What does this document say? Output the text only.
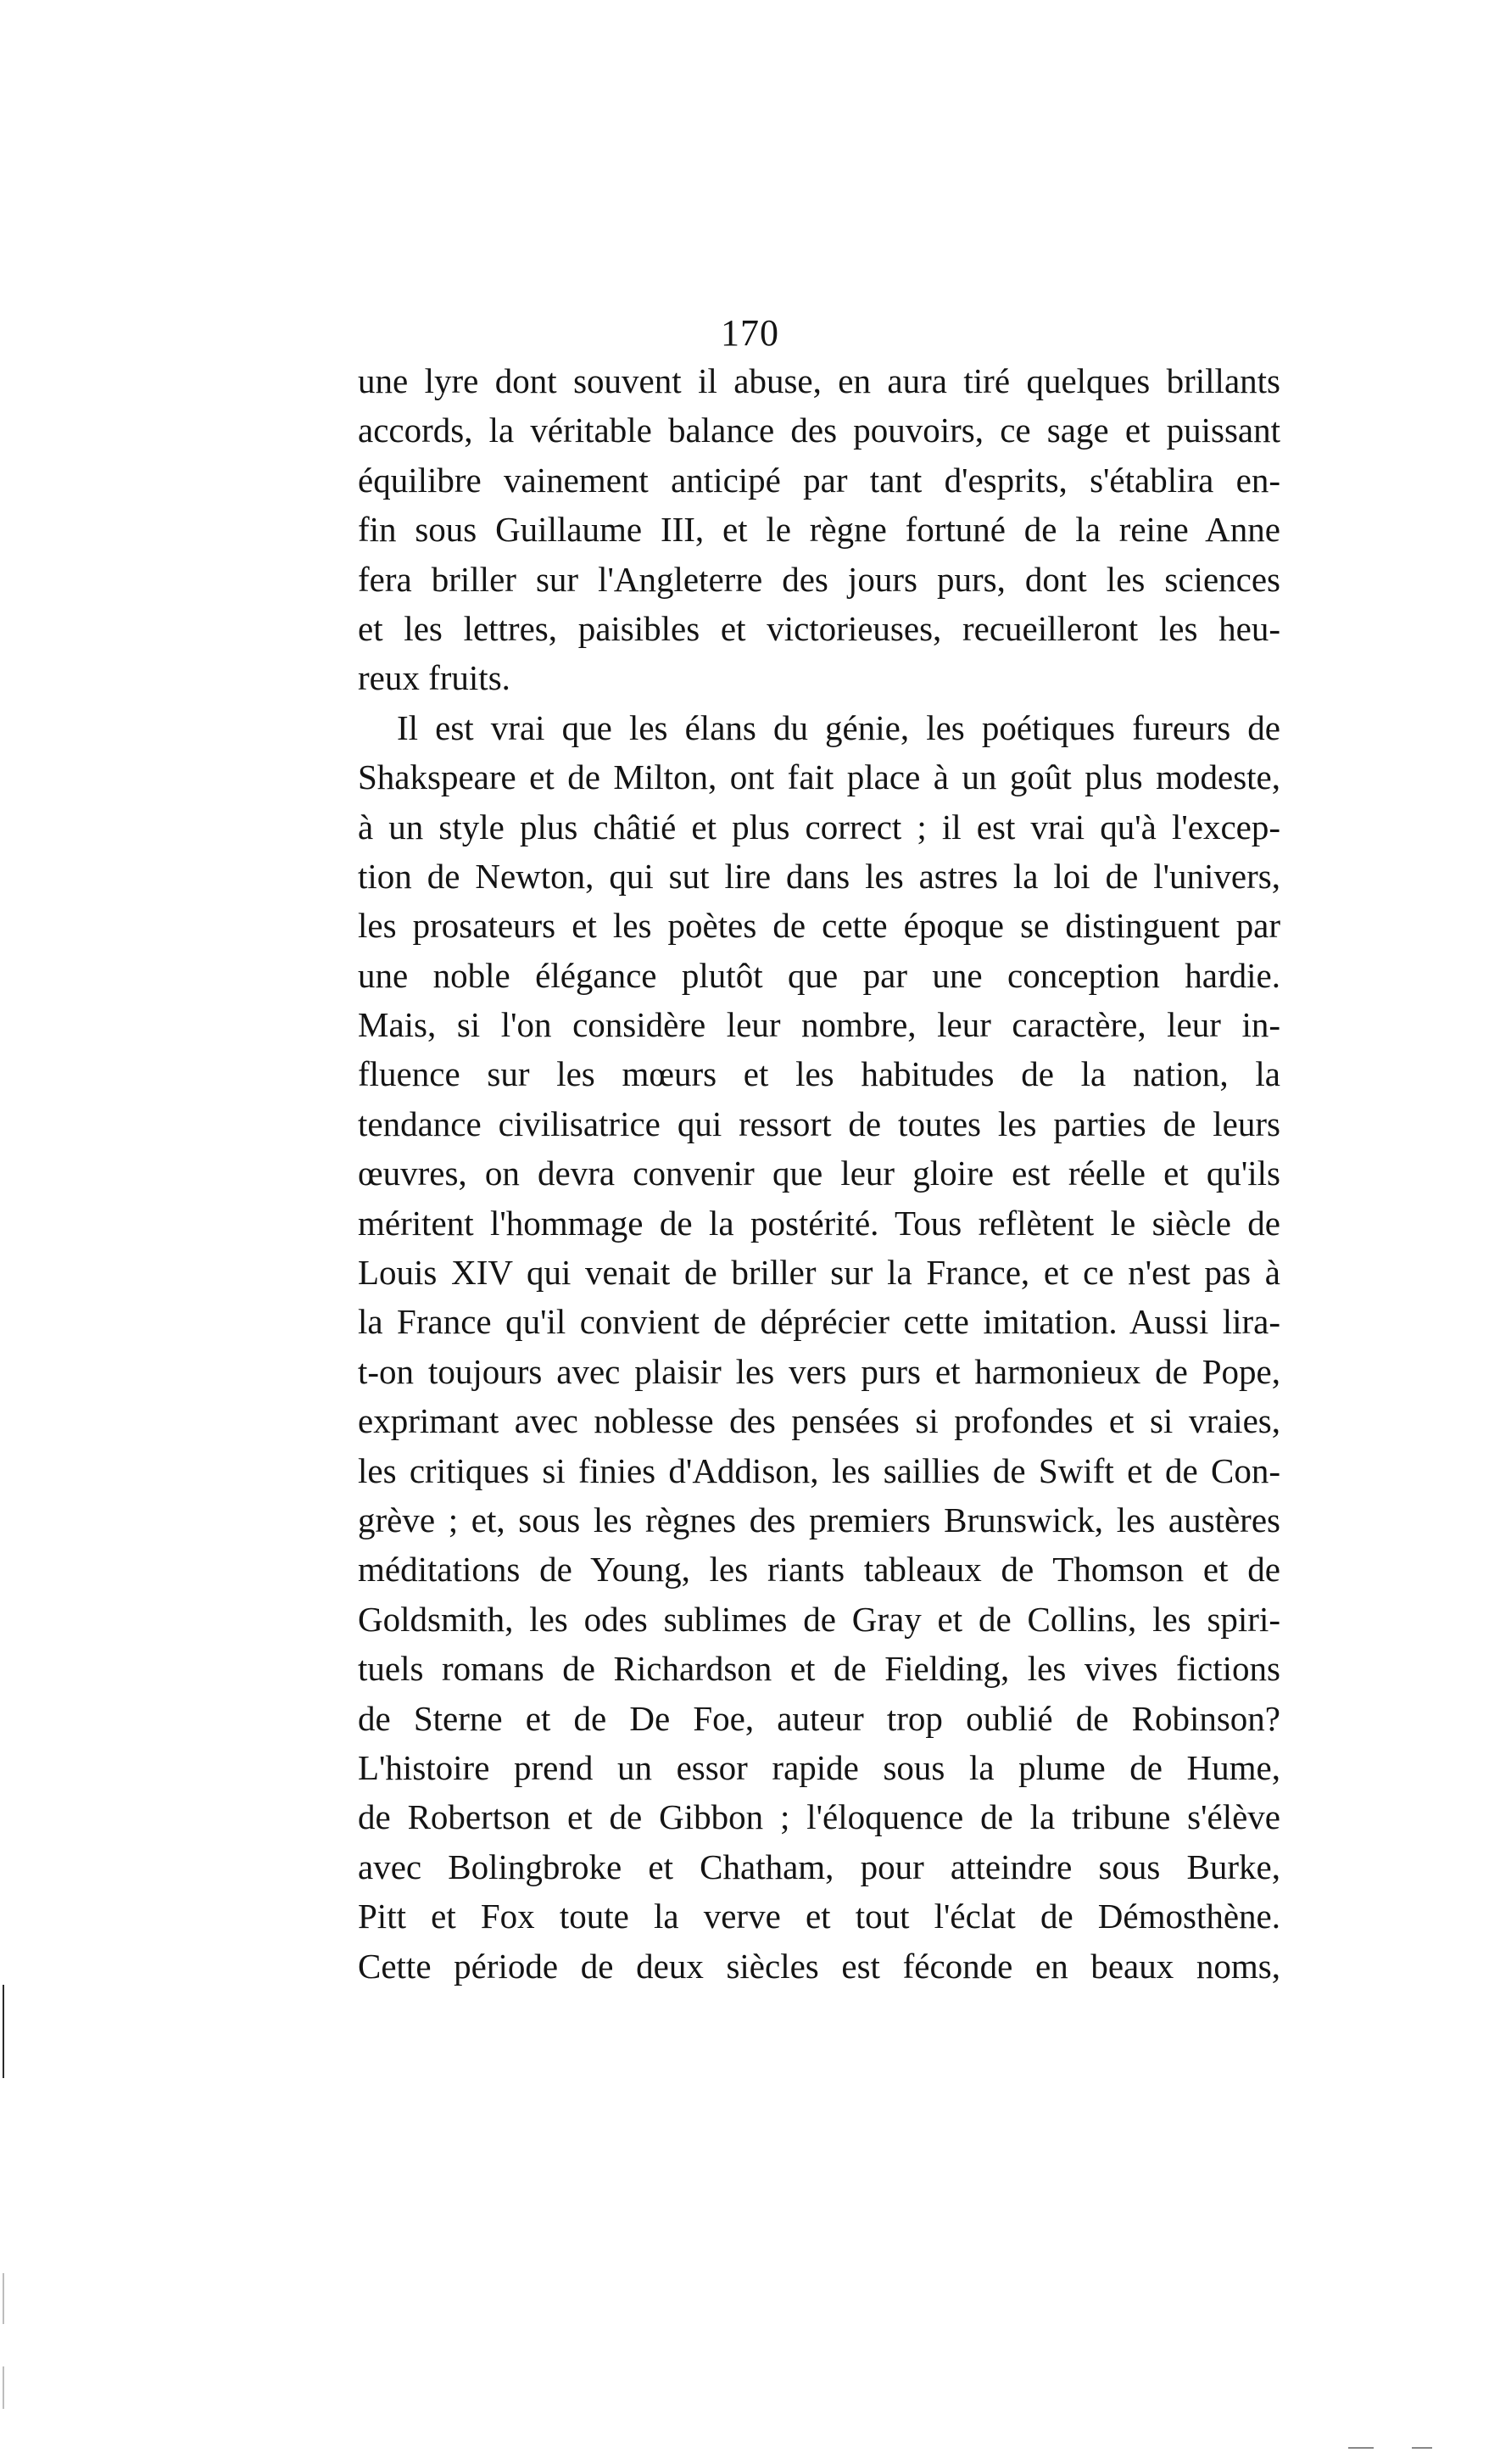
170
une lyre dont souvent il abuse, en aura tiré quelques brillants
accords, la véritable balance des pouvoirs, ce sage et puissant
équilibre vainement anticipé par tant d'esprits, s'établira en-
fin sous Guillaume III, et le règne fortuné de la reine Anne
fera briller sur l'Angleterre des jours purs, dont les sciences
et les lettres, paisibles et victorieuses, recueilleront les heu-
reux fruits.
Il est vrai que les élans du génie, les poétiques fureurs de
Shakspeare et de Milton, ont fait place à un goût plus modeste,
à un style plus châtié et plus correct ; il est vrai qu'à l'excep-
tion de Newton, qui sut lire dans les astres la loi de l'univers,
les prosateurs et les poètes de cette époque se distinguent par
une noble élégance plutôt que par une conception hardie.
Mais, si l'on considère leur nombre, leur caractère, leur in-
fluence sur les mœurs et les habitudes de la nation, la
tendance civilisatrice qui ressort de toutes les parties de leurs
œuvres, on devra convenir que leur gloire est réelle et qu'ils
méritent l'hommage de la postérité. Tous reflètent le siècle de
Louis XIV qui venait de briller sur la France, et ce n'est pas à
la France qu'il convient de déprécier cette imitation. Aussi lira-
t-on toujours avec plaisir les vers purs et harmonieux de Pope,
exprimant avec noblesse des pensées si profondes et si vraies,
les critiques si finies d'Addison, les saillies de Swift et de Con-
grève ; et, sous les règnes des premiers Brunswick, les austères
méditations de Young, les riants tableaux de Thomson et de
Goldsmith, les odes sublimes de Gray et de Collins, les spiri-
tuels romans de Richardson et de Fielding, les vives fictions
de Sterne et de De Foe, auteur trop oublié de Robinson?
L'histoire prend un essor rapide sous la plume de Hume,
de Robertson et de Gibbon ; l'éloquence de la tribune s'élève
avec Bolingbroke et Chatham, pour atteindre sous Burke,
Pitt et Fox toute la verve et tout l'éclat de Démosthène.
Cette période de deux siècles est féconde en beaux noms,
